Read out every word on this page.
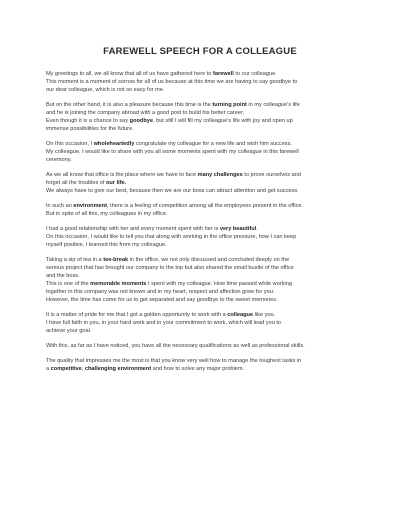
FAREWELL SPEECH FOR A COLLEAGUE

My greetings to all, we all know that all of us have gathered here to farewell to our colleague.
This moment is a moment of sorrow for all of us because at this time we are having to say goodbye to
our dear colleague, which is not so easy for me.

But on the other hand, it is also a pleasure because this time is the turning point in my colleague's life
and he is joining the company abroad with a good post to build his better career.
Even though it is a chance to say goodbye, but still I will fill my colleague's life with joy and open up
immense possibilities for the future.

On this occasion, I wholeheartedly congratulate my colleague for a new life and wish him success.
My colleague, I would like to share with you all some moments spent with my colleague in this farewell
ceremony.

As we all know that office is the place where we have to face many challenges to prove ourselves and
forget all the troubles of our life.
We always have to give our best, because then we are our boss can attract attention and get success.

In such an environment, there is a feeling of competition among all the employees present in the office.
But in spite of all this, my colleagues in my office.

I had a good relationship with her and every moment spent with her is very beautiful.
On this occasion, I would like to tell you that along with working in the office pressure, how I can keep
myself positive, I learned this from my colleague.

Taking a sip of tea in a tee-break in the office, we not only discussed and concluded deeply on the
serious project that has brought our company to the top but also shared the small bustle of the office
and the boss.
This is one of the memorable moments I spent with my colleague. How time passed while working
together in this company was not known and in my heart, respect and affection grew for you.
However, the time has come for us to get separated and say goodbye to the sweet memories.

It is a matter of pride for me that I got a golden opportunity to work with a colleague like you.
I have full faith in you, in your hard work and in your commitment to work, which will lead you to
achieve your goal.

With this, as far as I have noticed, you have all the necessary qualifications as well as professional skills.

The quality that impresses me the most is that you know very well how to manage the toughest tasks in
a competitive, challenging environment and how to solve any major problem.
